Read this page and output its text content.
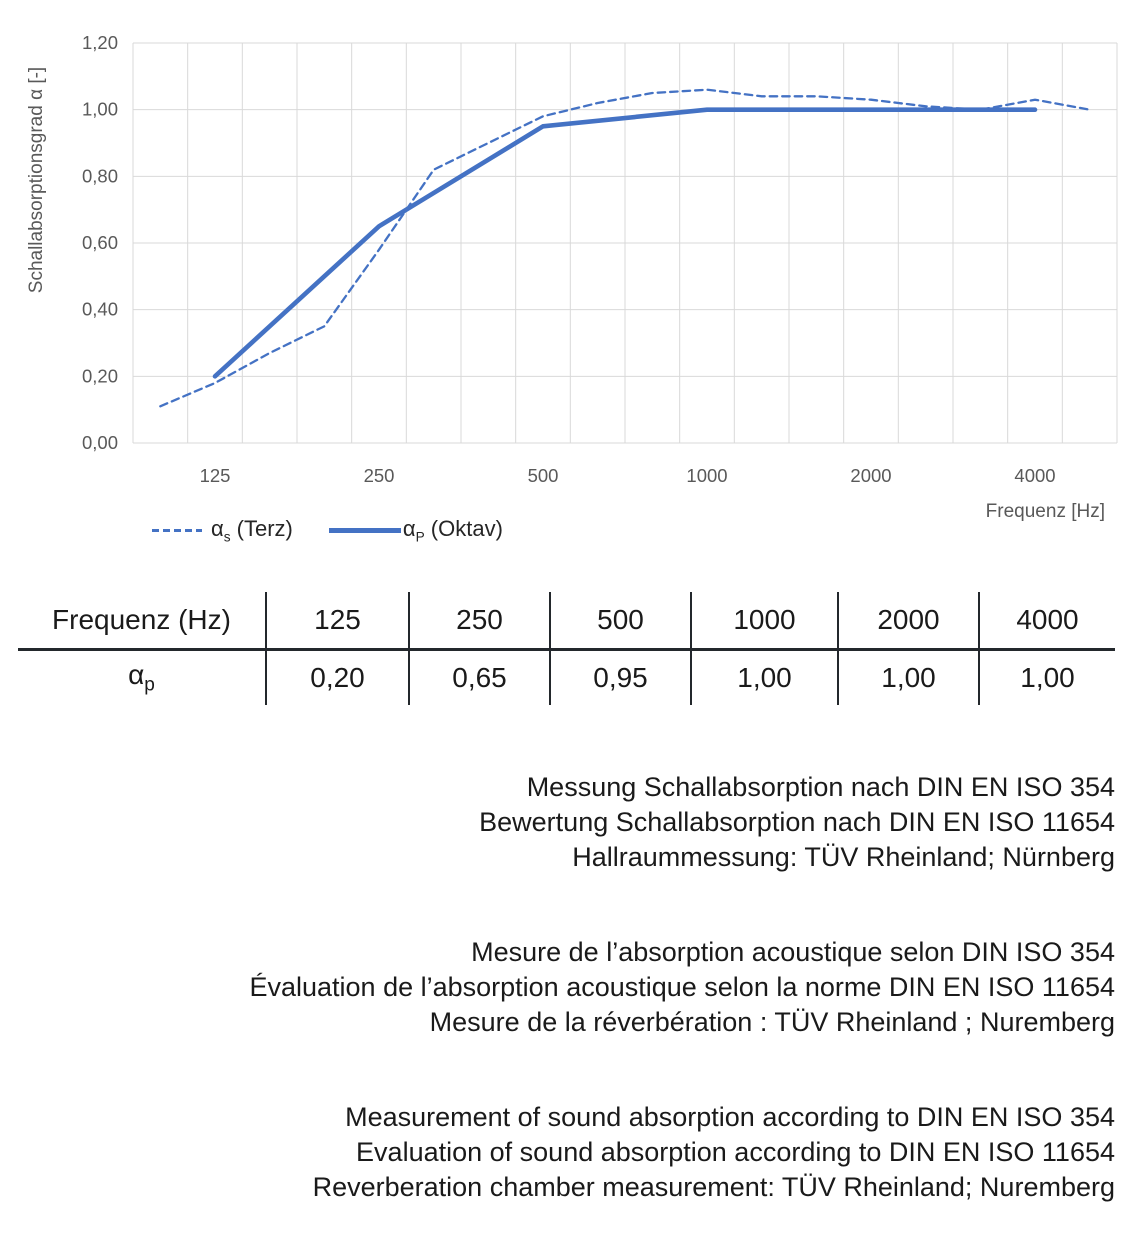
0,00
0,20
0,40
0,60
0,80
1,00
1,20
125	250	500	1000	2000	4000
Schallabsorptionsgrad α [-]
Frequenz [Hz]
$\alpha_s$ (Terz)	$\alpha_P$ (Oktav)
Frequenz (Hz)	125	250	500	1000	2000	4000
$\alpha_p$	0,20	0,65	0,95	1,00	1,00	1,00
Messung Schallabsorption nach DIN EN ISO 354
Bewertung Schallabsorption nach DIN EN ISO 11654
Hallraummessung: TÜV Rheinland; Nürnberg
Mesure de l’absorption acoustique selon DIN ISO 354
Évaluation de l’absorption acoustique selon la norme DIN EN ISO 11654
Mesure de la réverbération : TÜV Rheinland ; Nuremberg
Measurement of sound absorption according to DIN EN ISO 354
Evaluation of sound absorption according to DIN EN ISO 11654
Reverberation chamber measurement: TÜV Rheinland; Nuremberg
